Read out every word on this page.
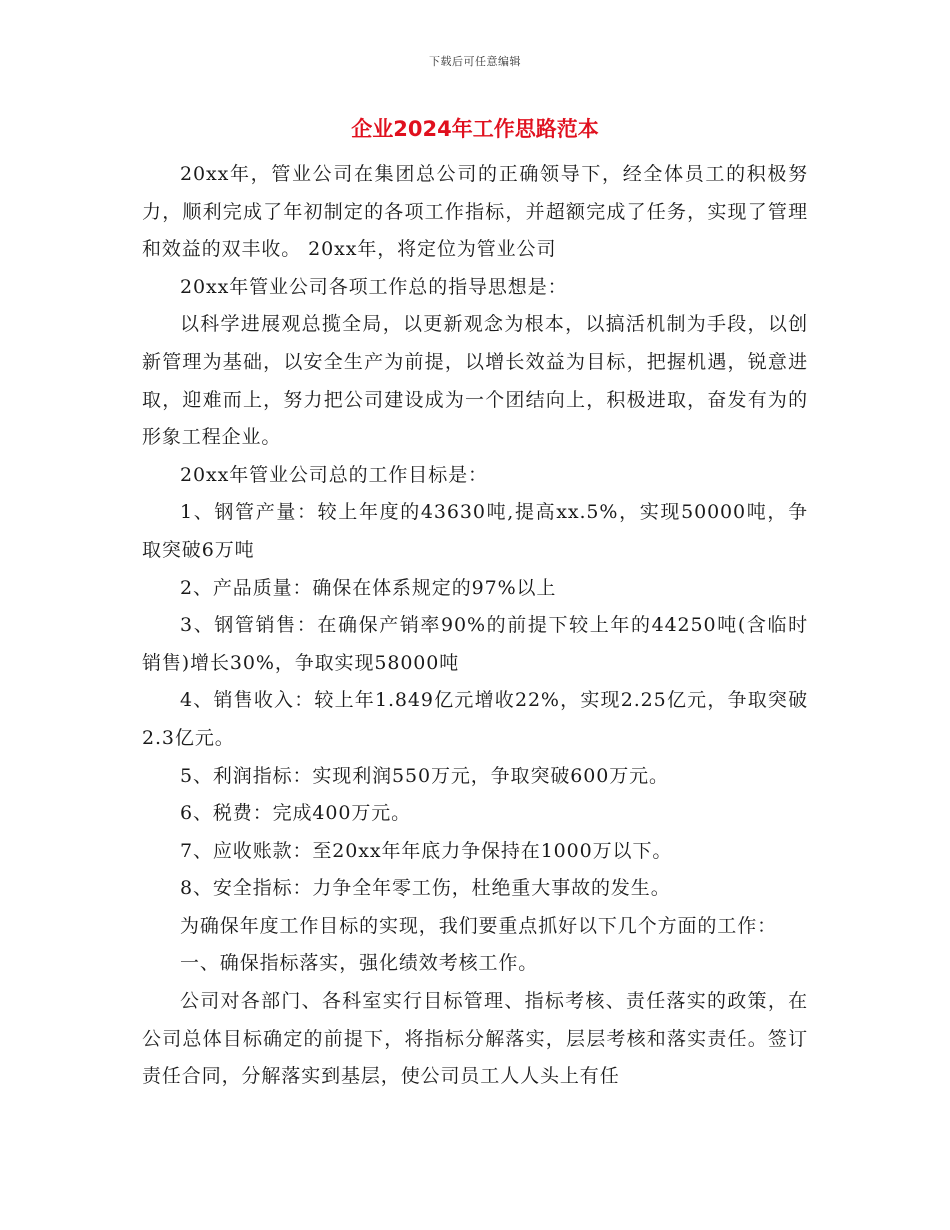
下载后可任意编辑
企业2024年工作思路范本

20xx年，管业公司在集团总公司的正确领导下，经全体员工的积极努力，顺利完成了年初制定的各项工作指标，并超额完成了任务，实现了管理和效益的双丰收。 20xx年，将定位为管业公司

20xx年管业公司各项工作总的指导思想是：

以科学进展观总揽全局，以更新观念为根本，以搞活机制为手段，以创新管理为基础，以安全生产为前提，以增长效益为目标，把握机遇，锐意进取，迎难而上，努力把公司建设成为一个团结向上，积极进取，奋发有为的形象工程企业。

20xx年管业公司总的工作目标是：

1、钢管产量：较上年度的43630吨,提高xx.5%，实现50000吨，争取突破6万吨

2、产品质量：确保在体系规定的97%以上

3、钢管销售：在确保产销率90%的前提下较上年的44250吨(含临时销售)增长30%，争取实现58000吨

4、销售收入：较上年1.849亿元增收22%，实现2.25亿元，争取突破2.3亿元。

5、利润指标：实现利润550万元，争取突破600万元。

6、税费：完成400万元。

7、应收账款：至20xx年年底力争保持在1000万以下。

8、安全指标：力争全年零工伤，杜绝重大事故的发生。

为确保年度工作目标的实现，我们要重点抓好以下几个方面的工作：

一、确保指标落实，强化绩效考核工作。

公司对各部门、各科室实行目标管理、指标考核、责任落实的政策，在公司总体目标确定的前提下，将指标分解落实，层层考核和落实责任。签订责任合同，分解落实到基层，使公司员工人人头上有任
